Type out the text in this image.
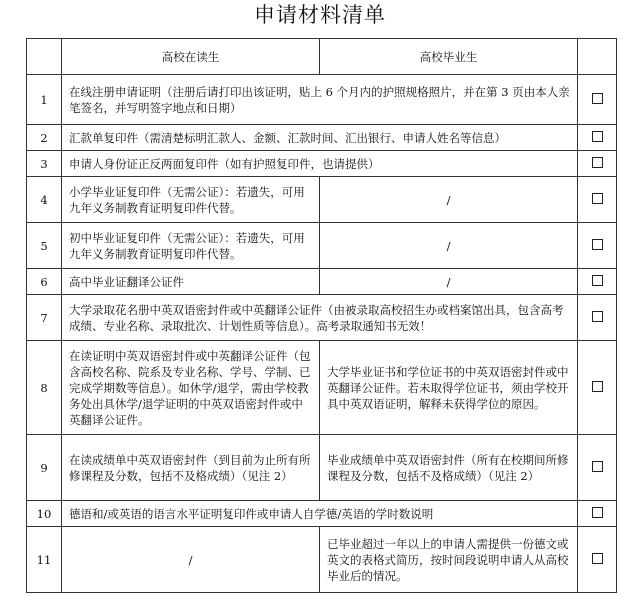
申请材料清单
	高校在读生	高校毕业生	
1	在线注册申请证明（注册后请打印出该证明，贴上 6 个月内的护照规格照片，并在第 3 页由本人亲笔签名，并写明签字地点和日期）		
2	汇款单复印件（需清楚标明汇款人、金额、汇款时间、汇出银行、申请人姓名等信息）		
3	申请人身份证正反两面复印件（如有护照复印件，也请提供）		
4	小学毕业证复印件（无需公证）：若遗失，可用九年义务制教育证明复印件代替。	/	
5	初中毕业证复印件（无需公证）：若遗失，可用九年义务制教育证明复印件代替。	/	
6	高中毕业证翻译公证件	/	
7	大学录取花名册中英双语密封件或中英翻译公证件（由被录取高校招生办或档案馆出具，包含高考成绩、专业名称、录取批次、计划性质等信息）。高考录取通知书无效！		
8	在读证明中英双语密封件或中英翻译公证件（包含高校名称、院系及专业名称、学号、学制、已完成学期数等信息）。如休学/退学，需由学校教务处出具休学/退学证明的中英双语密封件或中英翻译公证件。	大学毕业证书和学位证书的中英双语密封件或中英翻译公证件。若未取得学位证书，须由学校开具中英双语证明，解释未获得学位的原因。	
9	在读成绩单中英双语密封件（到目前为止所有所修课程及分数，包括不及格成绩）（见注 2）	毕业成绩单中英双语密封件（所有在校期间所修课程及分数，包括不及格成绩）（见注 2）	
10	德语和/或英语的语言水平证明复印件或申请人自学德/英语的学时数说明		
11	/	已毕业超过一年以上的申请人需提供一份德文或英文的表格式简历，按时间段说明申请人从高校毕业后的情况。	
